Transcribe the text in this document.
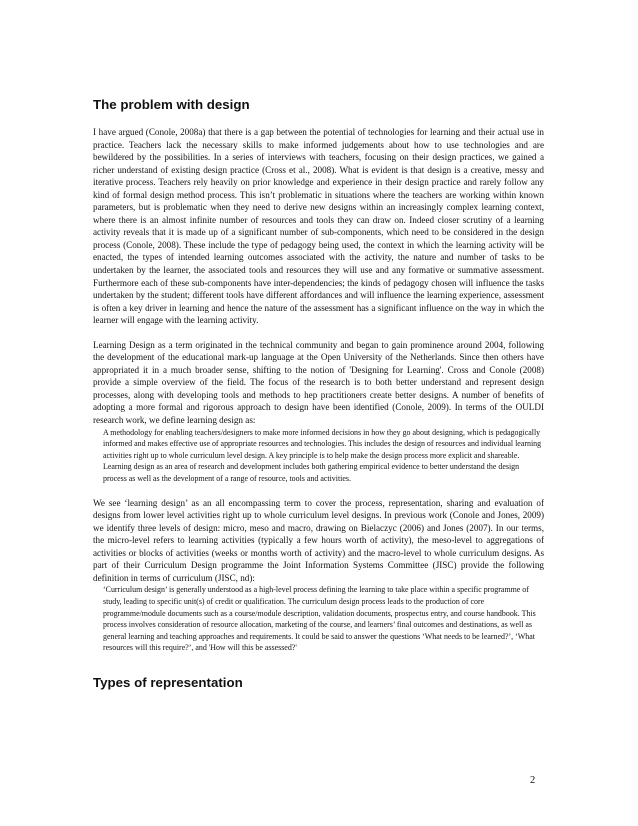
The problem with design

I have argued (Conole, 2008a) that there is a gap between the potential of technologies for learning and their actual use in practice. Teachers lack the necessary skills to make informed judgements about how to use technologies and are bewildered by the possibilities. In a series of interviews with teachers, focusing on their design practices, we gained a richer understand of existing design practice (Cross et al., 2008). What is evident is that design is a creative, messy and iterative process. Teachers rely heavily on prior knowledge and experience in their design practice and rarely follow any kind of formal design method process. This isn’t problematic in situations where the teachers are working within known parameters, but is problematic when they need to derive new designs within an increasingly complex learning context, where there is an almost infinite number of resources and tools they can draw on. Indeed closer scrutiny of a learning activity reveals that it is made up of a significant number of sub-components, which need to be considered in the design process (Conole, 2008). These include the type of pedagogy being used, the context in which the learning activity will be enacted, the types of intended learning outcomes associated with the activity, the nature and number of tasks to be undertaken by the learner, the associated tools and resources they will use and any formative or summative assessment. Furthermore each of these sub-components have inter-dependencies; the kinds of pedagogy chosen will influence the tasks undertaken by the student; different tools have different affordances and will influence the learning experience, assessment is often a key driver in learning and hence the nature of the assessment has a significant influence on the way in which the learner will engage with the learning activity.

Learning Design as a term originated in the technical community and began to gain prominence around 2004, following the development of the educational mark-up language at the Open University of the Netherlands. Since then others have appropriated it in a much broader sense, shifting to the notion of 'Designing for Learning'. Cross and Conole (2008) provide a simple overview of the field. The focus of the research is to both better understand and represent design processes, along with developing tools and methods to hep practitioners create better designs. A number of benefits of adopting a more formal and rigorous approach to design have been identified (Conole, 2009). In terms of the OULDI research work, we define learning design as:

A methodology for enabling teachers/designers to make more informed decisions in how they go about designing, which is pedagogically informed and makes effective use of appropriate resources and technologies. This includes the design of resources and individual learning activities right up to whole curriculum level design. A key principle is to help make the design process more explicit and shareable. Learning design as an area of research and development includes both gathering empirical evidence to better understand the design process as well as the development of a range of resource, tools and activities.

We see ‘learning design’ as an all encompassing term to cover the process, representation, sharing and evaluation of designs from lower level activities right up to whole curriculum level designs. In previous work (Conole and Jones, 2009) we identify three levels of design: micro, meso and macro, drawing on Bielaczyc (2006) and Jones (2007). In our terms, the micro-level refers to learning activities (typically a few hours worth of activity), the meso-level to aggregations of activities or blocks of activities (weeks or months worth of activity) and the macro-level to whole curriculum designs. As part of their Curriculum Design programme the Joint Information Systems Committee (JISC) provide the following definition in terms of curriculum (JISC, nd):

‘Curriculum design’ is generally understood as a high-level process defining the learning to take place within a specific programme of study, leading to specific unit(s) of credit or qualification. The curriculum design process leads to the production of core programme/module documents such as a course/module description, validation documents, prospectus entry, and course handbook. This process involves consideration of resource allocation, marketing of the course, and learners’ final outcomes and destinations, as well as general learning and teaching approaches and requirements. It could be said to answer the questions ‘What needs to be learned?’, ‘What resources will this require?’, and 'How will this be assessed?'
Types of representation
2
